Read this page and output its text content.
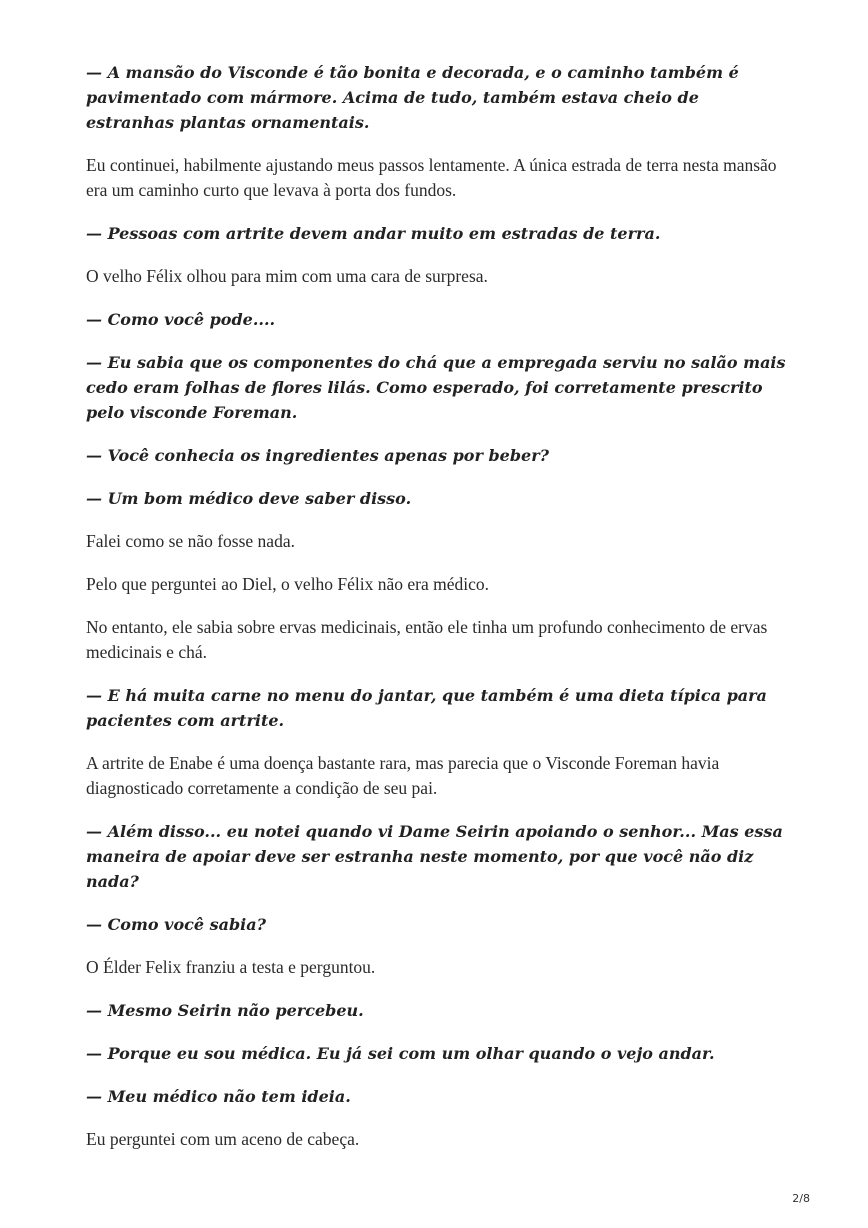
— A mansão do Visconde é tão bonita e decorada, e o caminho também é pavimentado com mármore. Acima de tudo, também estava cheio de estranhas plantas ornamentais.

Eu continuei, habilmente ajustando meus passos lentamente. A única estrada de terra nesta mansão era um caminho curto que levava à porta dos fundos.

— Pessoas com artrite devem andar muito em estradas de terra.

O velho Félix olhou para mim com uma cara de surpresa.

— Como você pode....

— Eu sabia que os componentes do chá que a empregada serviu no salão mais cedo eram folhas de flores lilás. Como esperado, foi corretamente prescrito pelo visconde Foreman.

— Você conhecia os ingredientes apenas por beber?

— Um bom médico deve saber disso.

Falei como se não fosse nada.

Pelo que perguntei ao Diel, o velho Félix não era médico.

No entanto, ele sabia sobre ervas medicinais, então ele tinha um profundo conhecimento de ervas medicinais e chá.

— E há muita carne no menu do jantar, que também é uma dieta típica para pacientes com artrite.

A artrite de Enabe é uma doença bastante rara, mas parecia que o Visconde Foreman havia diagnosticado corretamente a condição de seu pai.

— Além disso... eu notei quando vi Dame Seirin apoiando o senhor... Mas essa maneira de apoiar deve ser estranha neste momento, por que você não diz nada?

— Como você sabia?

O Élder Felix franziu a testa e perguntou.

— Mesmo Seirin não percebeu.

— Porque eu sou médica. Eu já sei com um olhar quando o vejo andar.

— Meu médico não tem ideia.

Eu perguntei com um aceno de cabeça.

2/8
